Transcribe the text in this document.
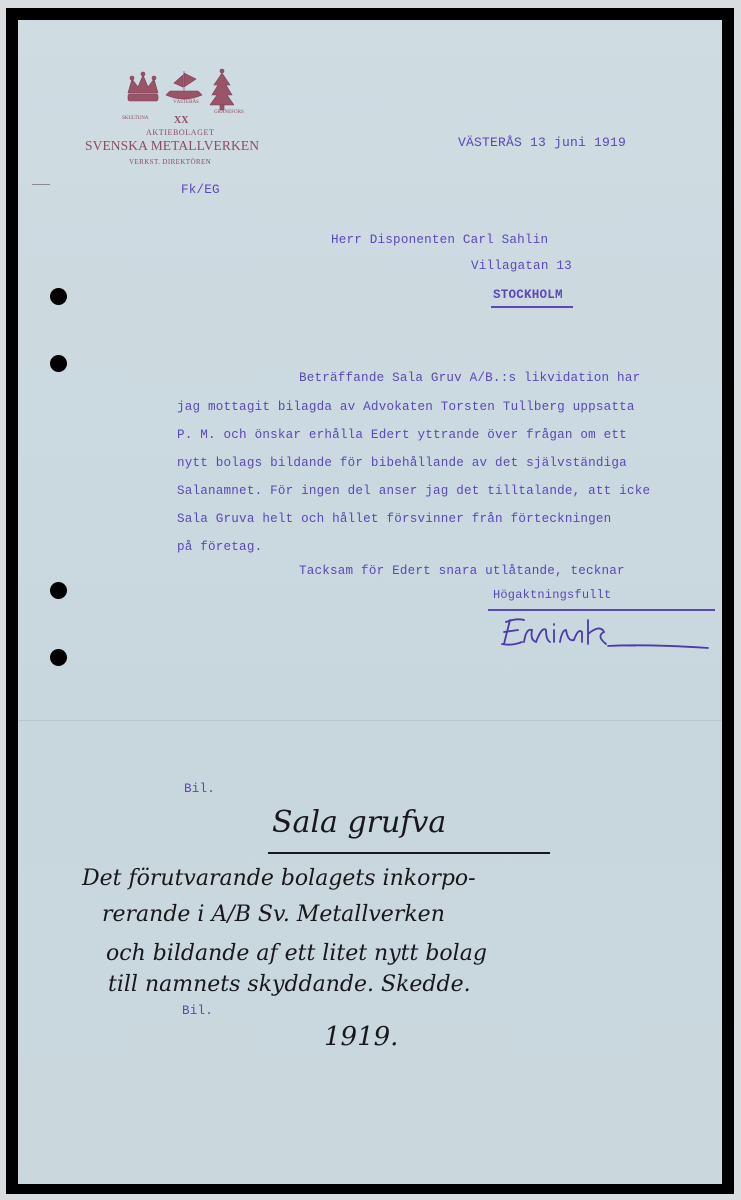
SKULTUNA
VÄSTERÅS
GRANEFORS
XX
AKTIEBOLAGET
SVENSKA METALLVERKEN
VERKST. DIREKTÖREN
VÄSTERÅS 13 juni 1919
Fk/EG
Herr Disponenten Carl Sahlin
Villagatan 13
STOCKHOLM
Beträffande Sala Gruv A/B.:s likvidation har
jag mottagit bilagda av Advokaten Torsten Tullberg uppsatta
P. M. och önskar erhålla Edert yttrande över frågan om ett
nytt bolags bildande för bibehållande av det självständiga
Salanamnet. För ingen del anser jag det tilltalande, att icke
Sala Gruva helt och hållet försvinner från förteckningen
på företag.
Tacksam för Edert snara utlåtande, tecknar
Högaktningsfullt
Bil.
Bil.
Sala grufva
Det förutvarande bolagets inkorpo-
rerande i A/B Sv. Metallverken
och bildande af ett litet nytt bolag
till namnets skyddande. Skedde.
1919.
